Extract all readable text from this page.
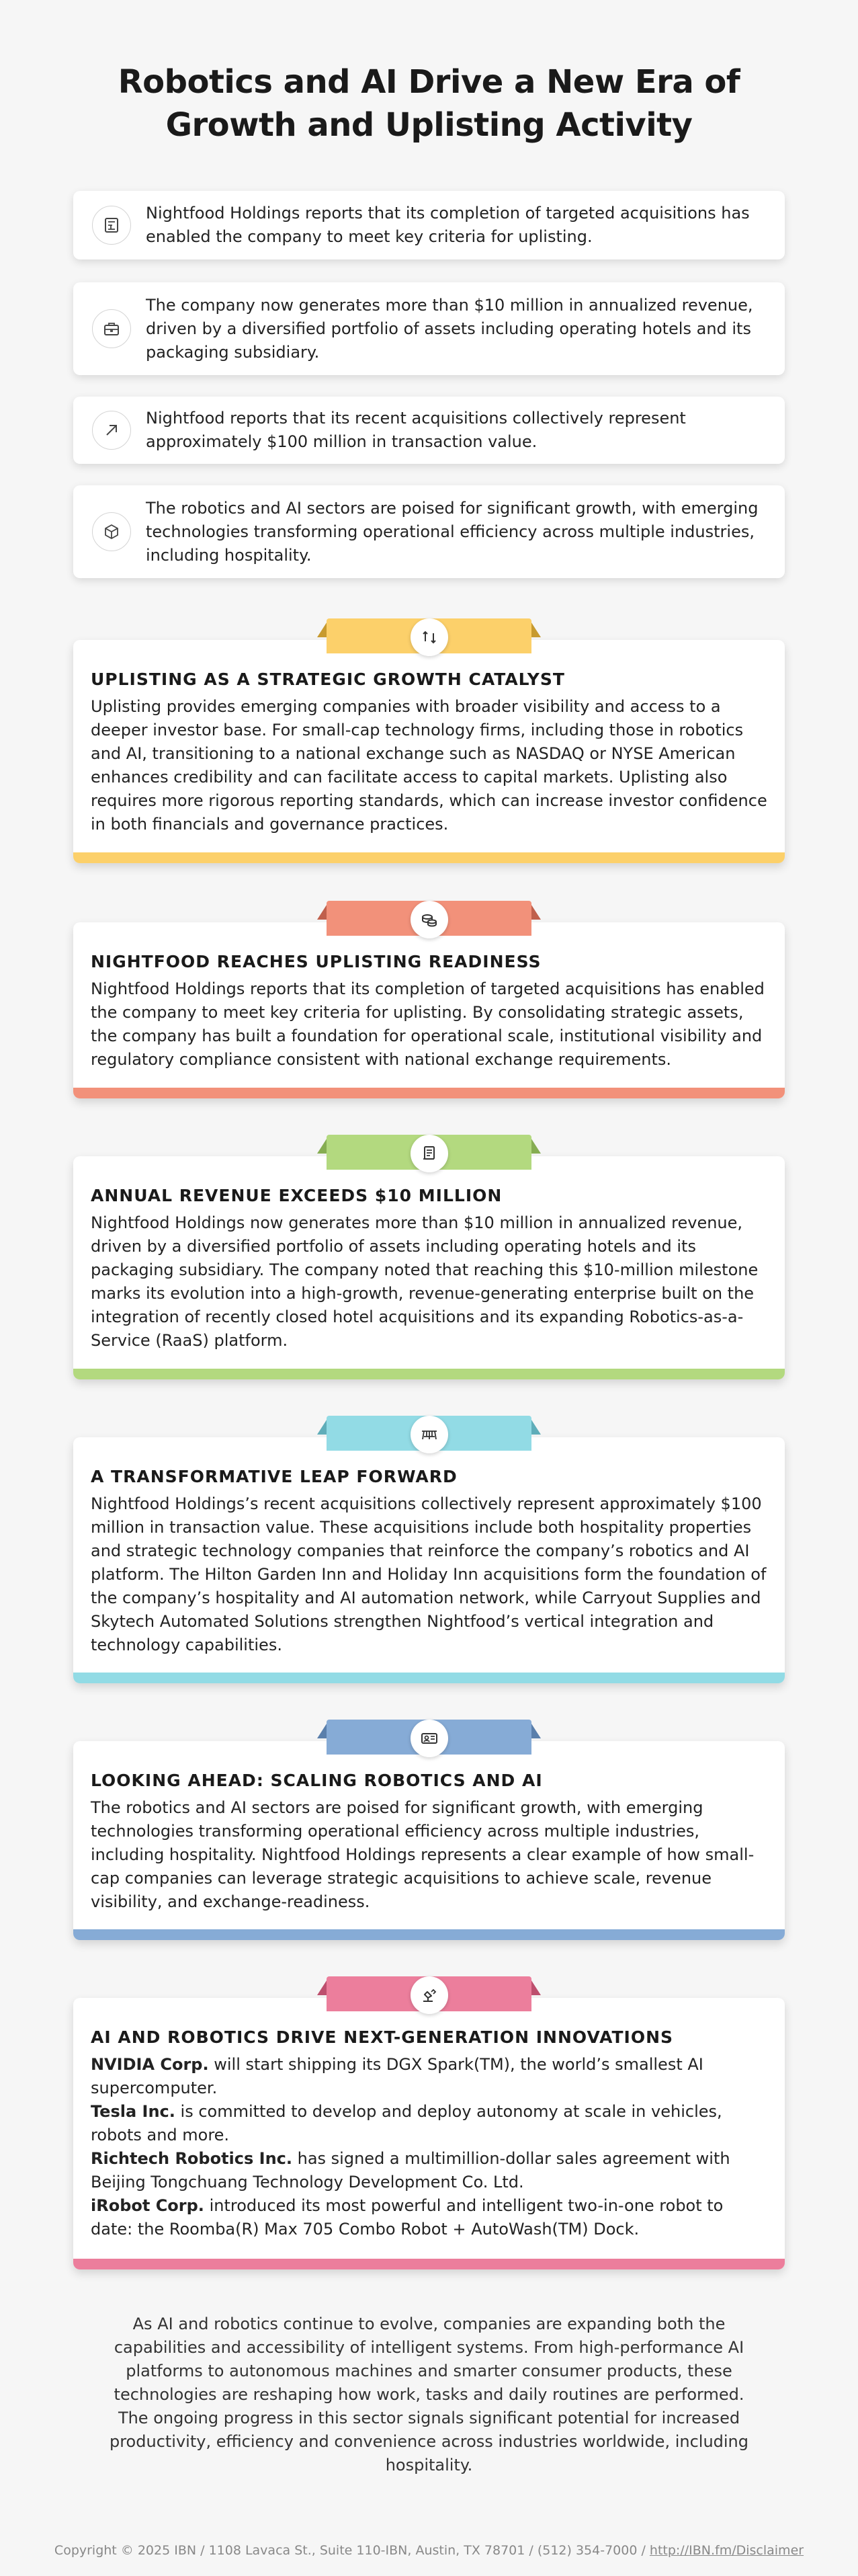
Robotics and AI Drive a New Era of Growth and Uplisting Activity
Nightfood Holdings reports that its completion of targeted acquisitions has enabled the company to meet key criteria for uplisting.
The company now generates more than $10 million in annualized revenue, driven by a diversified portfolio of assets including operating hotels and its packaging subsidiary.
Nightfood reports that its recent acquisitions collectively represent approximately $100 million in transaction value.
The robotics and AI sectors are poised for significant growth, with emerging technologies transforming operational efficiency across multiple industries, including hospitality.
UPLISTING AS A STRATEGIC GROWTH CATALYST

Uplisting provides emerging companies with broader visibility and access to a deeper investor base. For small-cap technology firms, including those in robotics and AI, transitioning to a national exchange such as NASDAQ or NYSE American enhances credibility and can facilitate access to capital markets. Uplisting also requires more rigorous reporting standards, which can increase investor confidence in both financials and governance practices.

NIGHTFOOD REACHES UPLISTING READINESS

Nightfood Holdings reports that its completion of targeted acquisitions has enabled the company to meet key criteria for uplisting. By consolidating strategic assets, the company has built a foundation for operational scale, institutional visibility and regulatory compliance consistent with national exchange requirements.

ANNUAL REVENUE EXCEEDS $10 MILLION

Nightfood Holdings now generates more than $10 million in annualized revenue, driven by a diversified portfolio of assets including operating hotels and its packaging subsidiary. The company noted that reaching this $10-million milestone marks its evolution into a high-growth, revenue-generating enterprise built on the integration of recently closed hotel acquisitions and its expanding Robotics-as-a-Service (RaaS) platform.

A TRANSFORMATIVE LEAP FORWARD

Nightfood Holdings’s recent acquisitions collectively represent approximately $100 million in transaction value. These acquisitions include both hospitality properties and strategic technology companies that reinforce the company’s robotics and AI platform. The Hilton Garden Inn and Holiday Inn acquisitions form the foundation of the company’s hospitality and AI automation network, while Carryout Supplies and Skytech Automated Solutions strengthen Nightfood’s vertical integration and technology capabilities.

LOOKING AHEAD: SCALING ROBOTICS AND AI

The robotics and AI sectors are poised for significant growth, with emerging technologies transforming operational efficiency across multiple industries, including hospitality. Nightfood Holdings represents a clear example of how small-cap companies can leverage strategic acquisitions to achieve scale, revenue visibility, and exchange-readiness.

AI AND ROBOTICS DRIVE NEXT-GENERATION INNOVATIONS
NVIDIA Corp. will start shipping its DGX Spark(TM), the world’s smallest AI supercomputer.
Tesla Inc. is committed to develop and deploy autonomy at scale in vehicles, robots and more.
Richtech Robotics Inc. has signed a multimillion-dollar sales agreement with Beijing Tongchuang Technology Development Co. Ltd.
iRobot Corp. introduced its most powerful and intelligent two-in-one robot to date: the Roomba(R) Max 705 Combo Robot + AutoWash(TM) Dock.
As AI and robotics continue to evolve, companies are expanding both the capabilities and accessibility of intelligent systems. From high-performance AI platforms to autonomous machines and smarter consumer products, these technologies are reshaping how work, tasks and daily routines are performed. The ongoing progress in this sector signals significant potential for increased productivity, efficiency and convenience across industries worldwide, including hospitality.
Copyright © 2025 IBN / 1108 Lavaca St., Suite 110-IBN, Austin, TX 78701 / (512) 354-7000 / http://IBN.fm/Disclaimer
